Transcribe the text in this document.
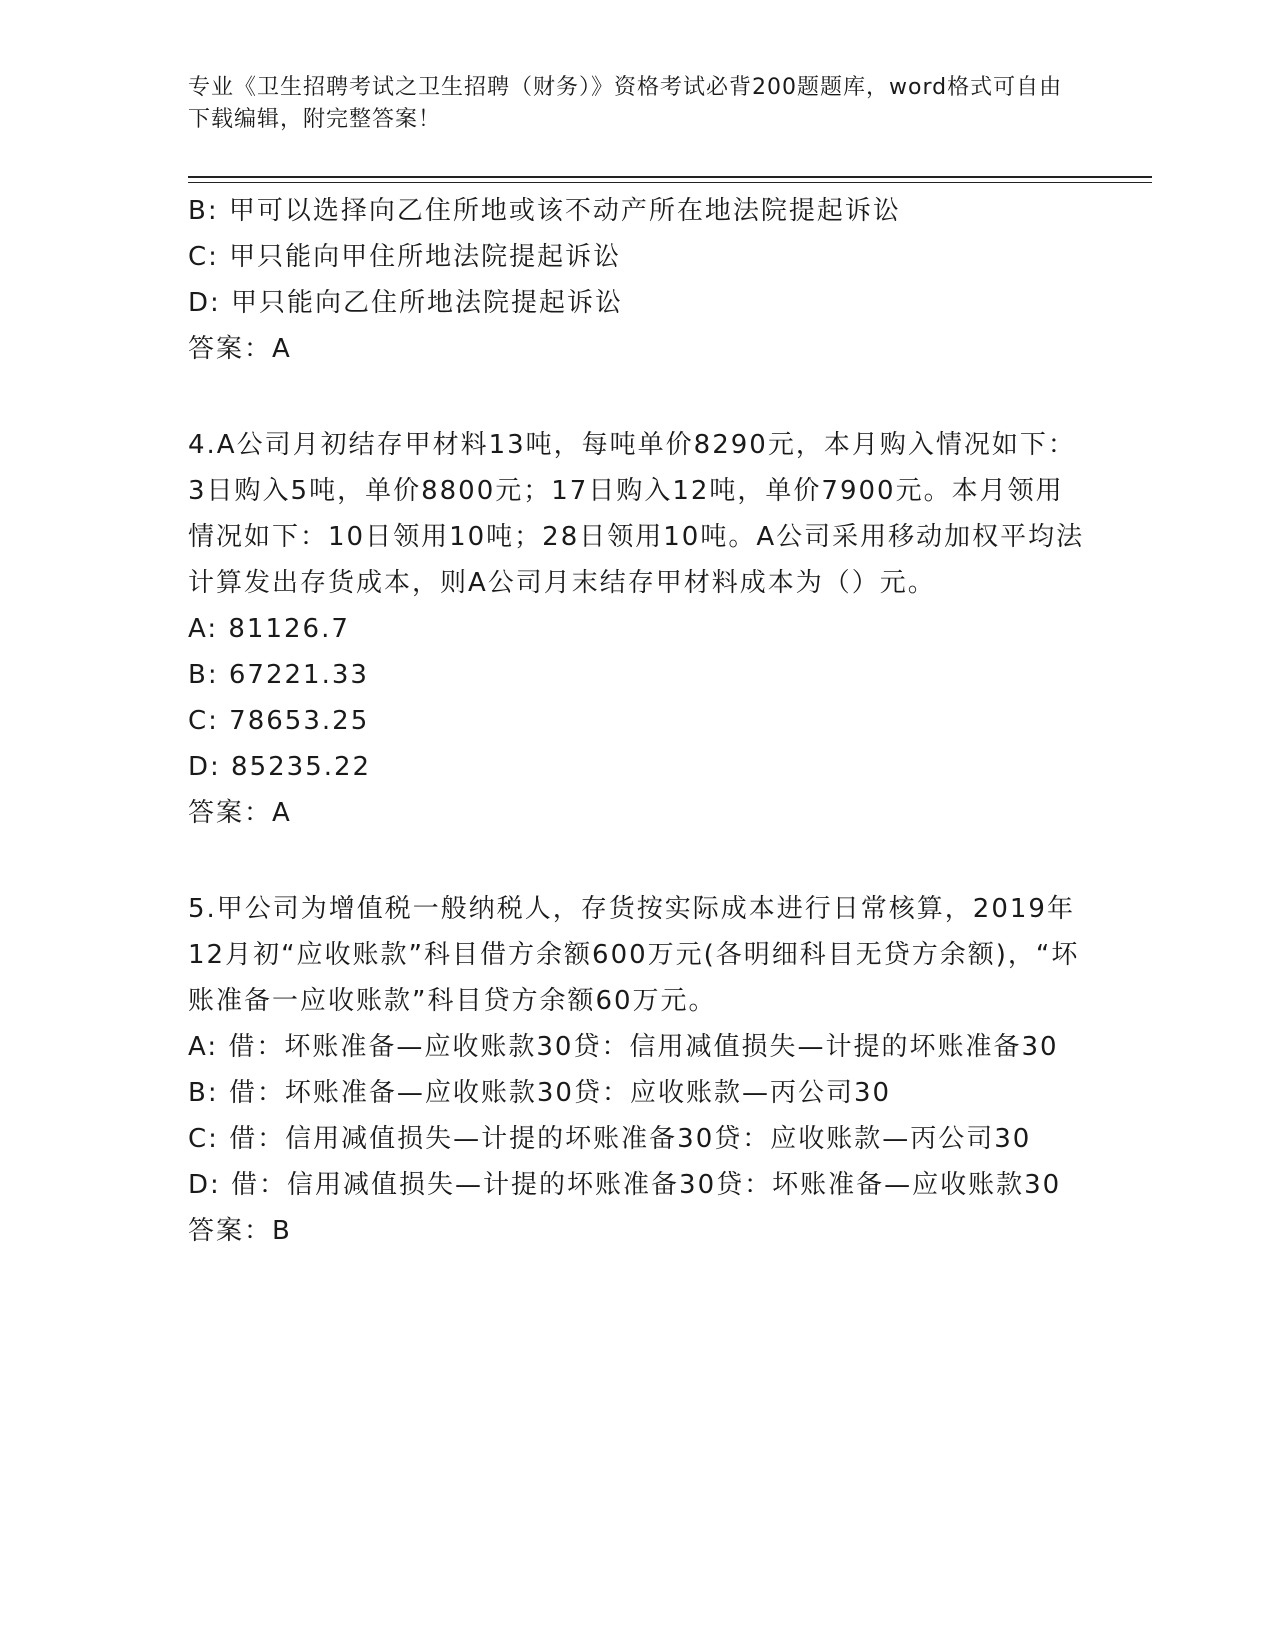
专业《卫生招聘考试之卫生招聘（财务）》资格考试必背200题题库，word格式可自由下载编辑，附完整答案！
B: 甲可以选择向乙住所地或该不动产所在地法院提起诉讼
C: 甲只能向甲住所地法院提起诉讼
D: 甲只能向乙住所地法院提起诉讼
答案：A
4.A公司月初结存甲材料13吨，每吨单价8290元，本月购入情况如下：3日购入5吨，单价8800元；17日购入12吨，单价7900元。本月领用情况如下：10日领用10吨；28日领用10吨。A公司采用移动加权平均法计算发出存货成本，则A公司月末结存甲材料成本为（）元。
A: 81126.7
B: 67221.33
C: 78653.25
D: 85235.22
答案：A
5.甲公司为增值税一般纳税人，存货按实际成本进行日常核算，2019年12月初“应收账款”科目借方余额600万元(各明细科目无贷方余额)，“坏账准备一应收账款”科目贷方余额60万元。
A: 借：坏账准备—应收账款30贷：信用减值损失—计提的坏账准备30
B: 借：坏账准备—应收账款30贷：应收账款—丙公司30
C: 借：信用减值损失—计提的坏账准备30贷：应收账款—丙公司30
D: 借：信用减值损失—计提的坏账准备30贷：坏账准备—应收账款30
答案：B
